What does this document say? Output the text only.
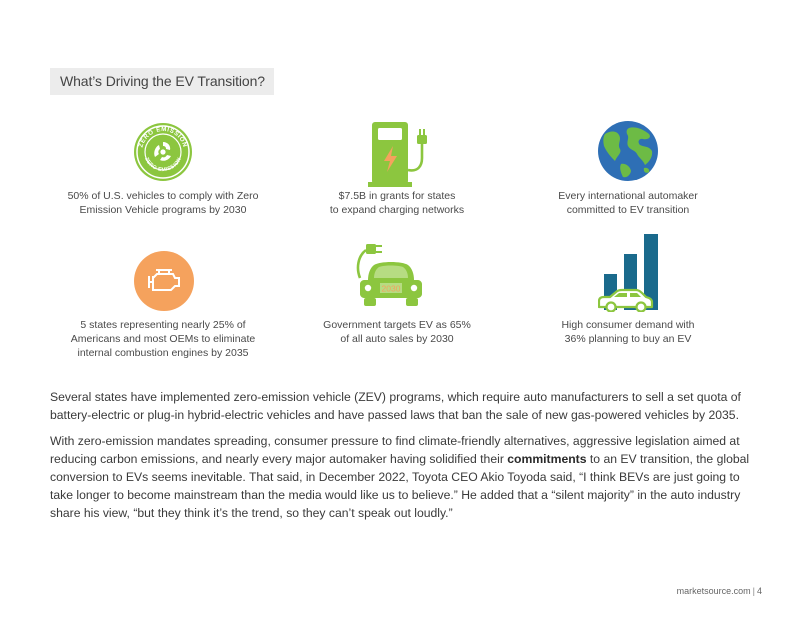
What’s Driving the EV Transition?
ZERO EMISSION
ZERO EMISSION
50% of U.S. vehicles to comply with Zero
Emission Vehicle programs by 2030
$7.5B in grants for states
to expand charging networks
Every international automaker
committed to EV transition
5 states representing nearly 25% of
Americans and most OEMs to eliminate
internal combustion engines by 2035
2030
Government targets EV as 65%
of all auto sales by 2030
High consumer demand with
36% planning to buy an EV

Several states have implemented zero-emission vehicle (ZEV) programs, which require auto manufacturers to sell a set quota of battery-electric or plug-in hybrid-electric vehicles and have passed laws that ban the sale of new gas-powered vehicles by 2035.

With zero-emission mandates spreading, consumer pressure to find climate-friendly alternatives, aggressive legislation aimed at reducing carbon emissions, and nearly every major automaker having solidified their commitments to an EV transition, the global conversion to EVs seems inevitable. That said, in December 2022, Toyota CEO Akio Toyoda said, “I think BEVs are just going to take longer to become mainstream than the media would like us to believe.” He added that a “silent majority” in the auto industry share his view, “but they think it’s the trend, so they can’t speak out loudly.”

marketsource.com | 4
